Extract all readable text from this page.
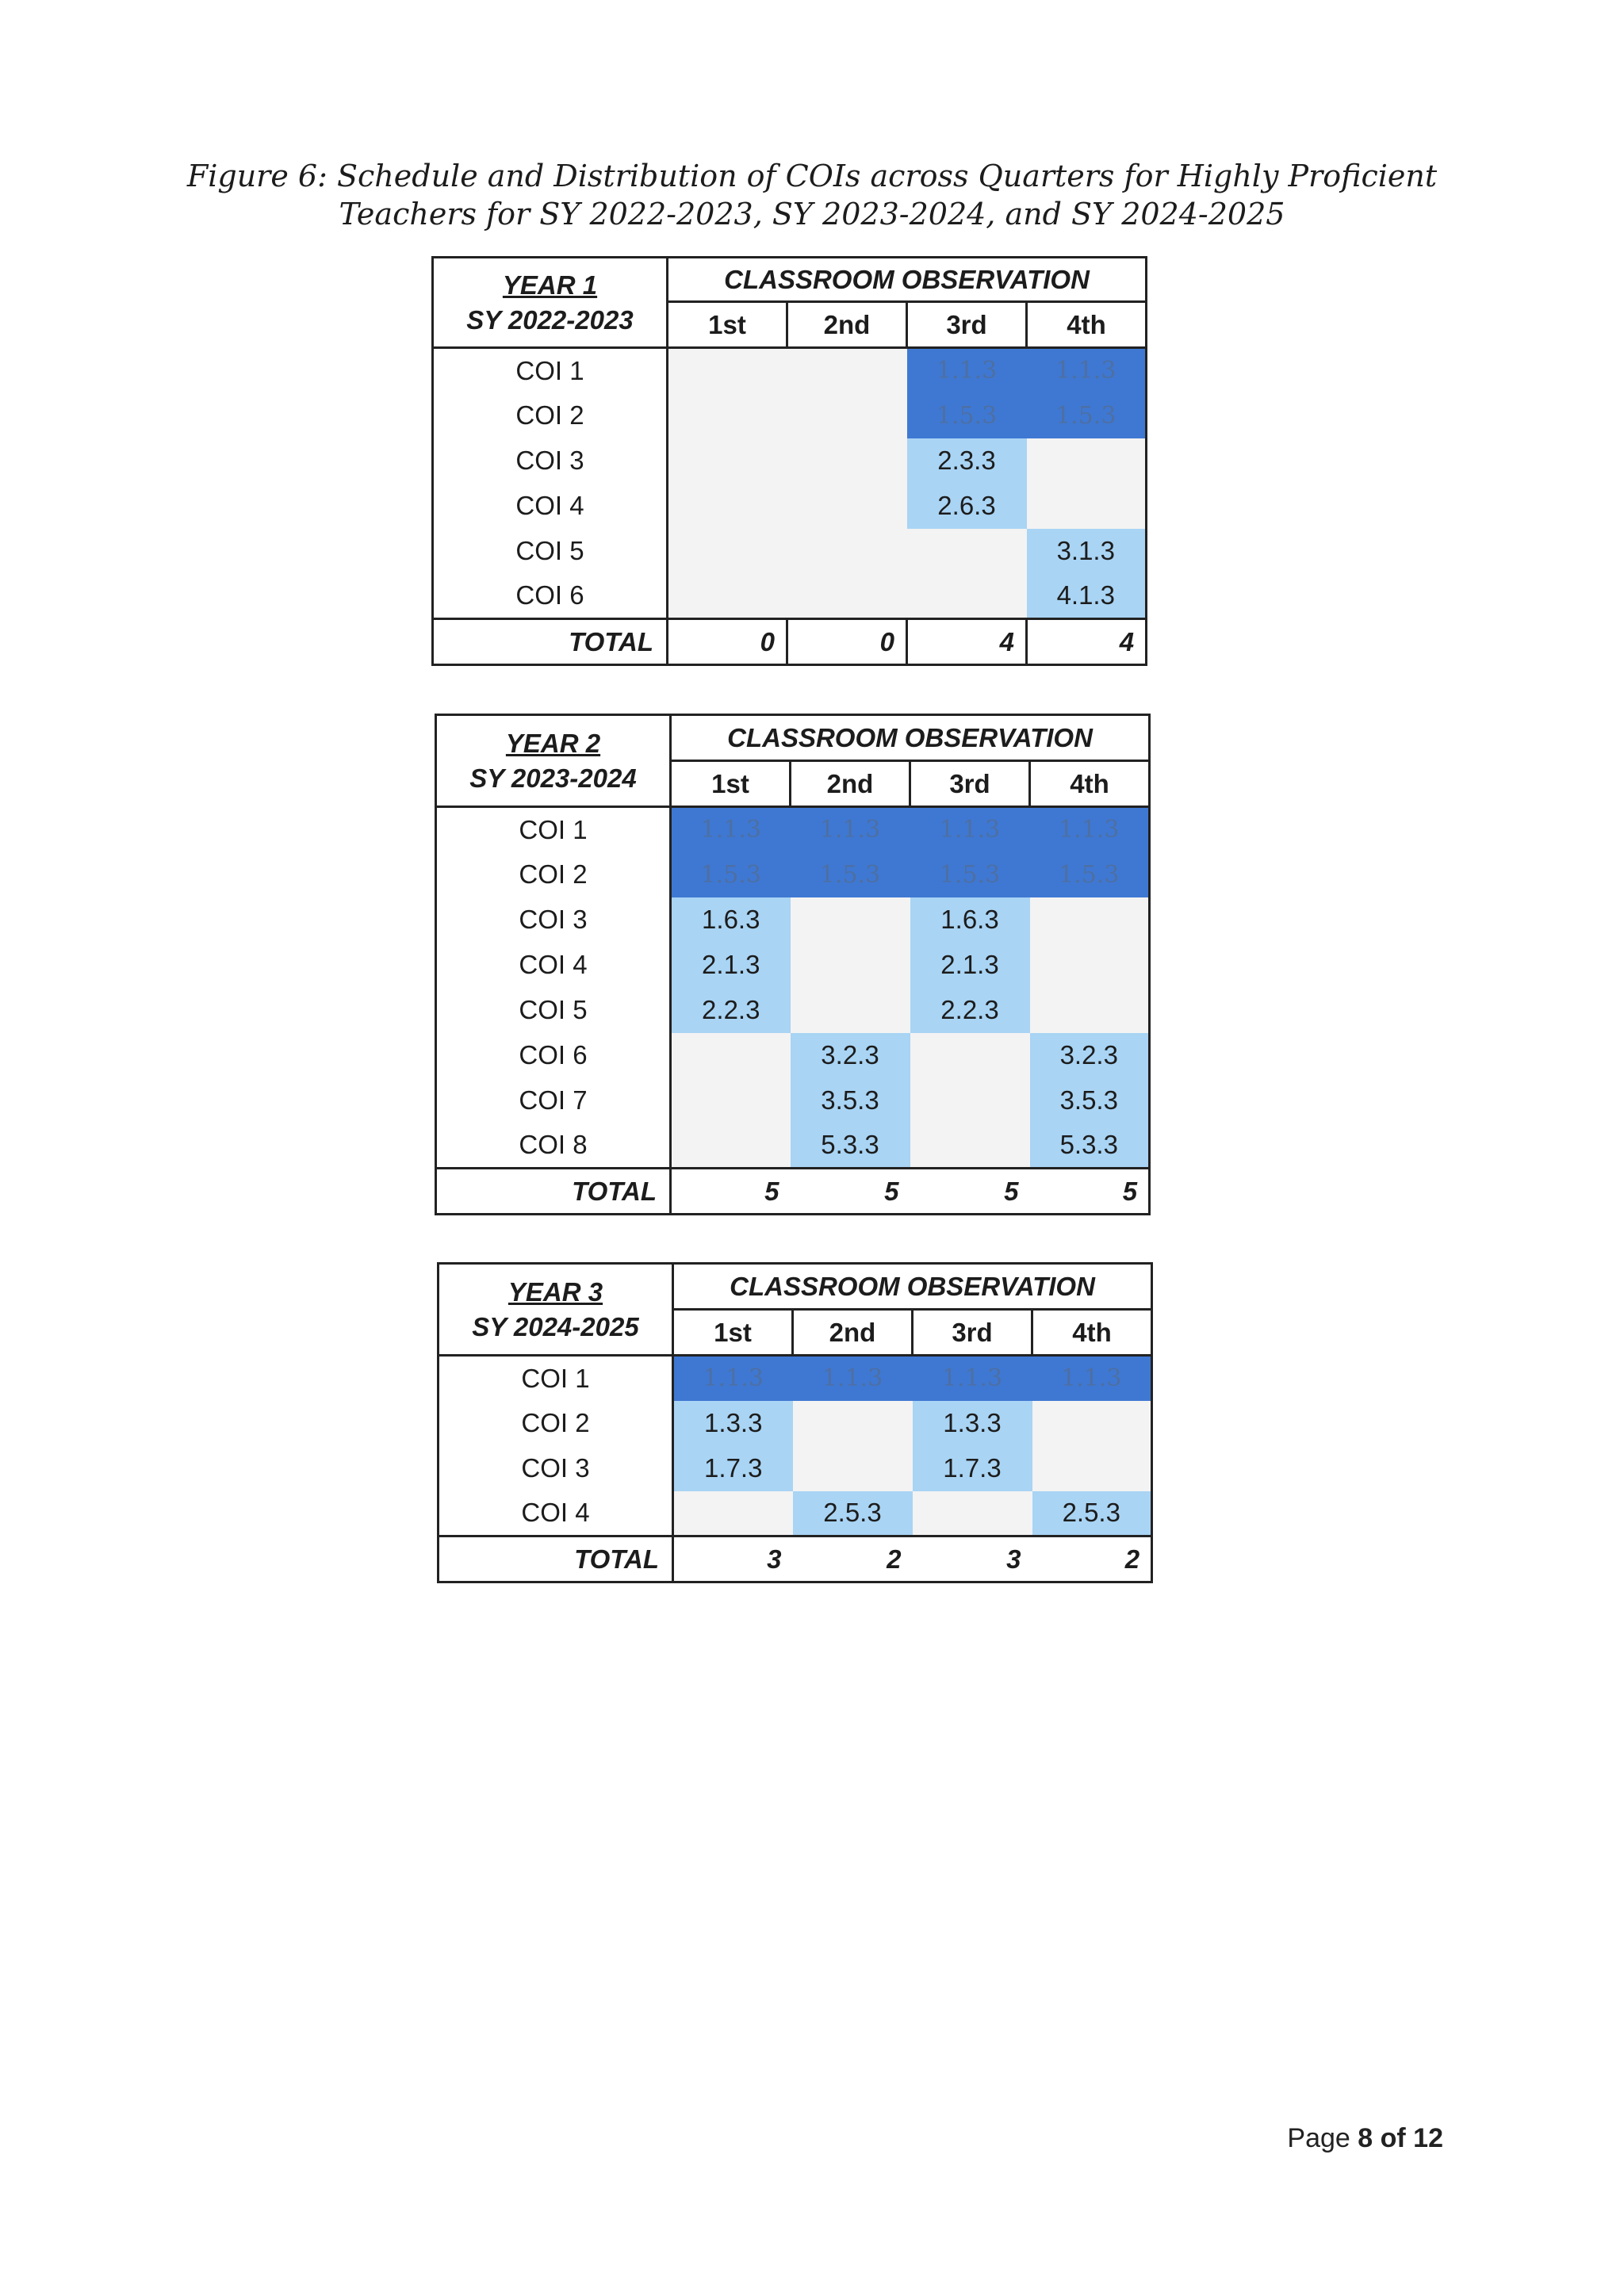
Figure 6: Schedule and Distribution of COIs across Quarters for Highly Proficient
Teachers for SY 2022-2023, SY 2023-2024, and SY 2024-2025
YEAR 1
SY 2022-2023	CLASSROOM OBSERVATION			
	1st	2nd	3rd	4th
COI 1			1.1.3	1.1.3
COI 2			1.5.3	1.5.3
COI 3			2.3.3	
COI 4			2.6.3	
COI 5				3.1.3
COI 6				4.1.3
TOTAL	0	0	4	4
YEAR 2
SY 2023-2024	CLASSROOM OBSERVATION			
	1st	2nd	3rd	4th
COI 1	1.1.3	1.1.3	1.1.3	1.1.3
COI 2	1.5.3	1.5.3	1.5.3	1.5.3
COI 3	1.6.3		1.6.3	
COI 4	2.1.3		2.1.3	
COI 5	2.2.3		2.2.3	
COI 6		3.2.3		3.2.3
COI 7		3.5.3		3.5.3
COI 8		5.3.3		5.3.3
TOTAL	5	5	5	5
YEAR 3
SY 2024-2025	CLASSROOM OBSERVATION			
	1st	2nd	3rd	4th
COI 1	1.1.3	1.1.3	1.1.3	1.1.3
COI 2	1.3.3		1.3.3	
COI 3	1.7.3		1.7.3	
COI 4		2.5.3		2.5.3
TOTAL	3	2	3	2
Page 8 of 12
